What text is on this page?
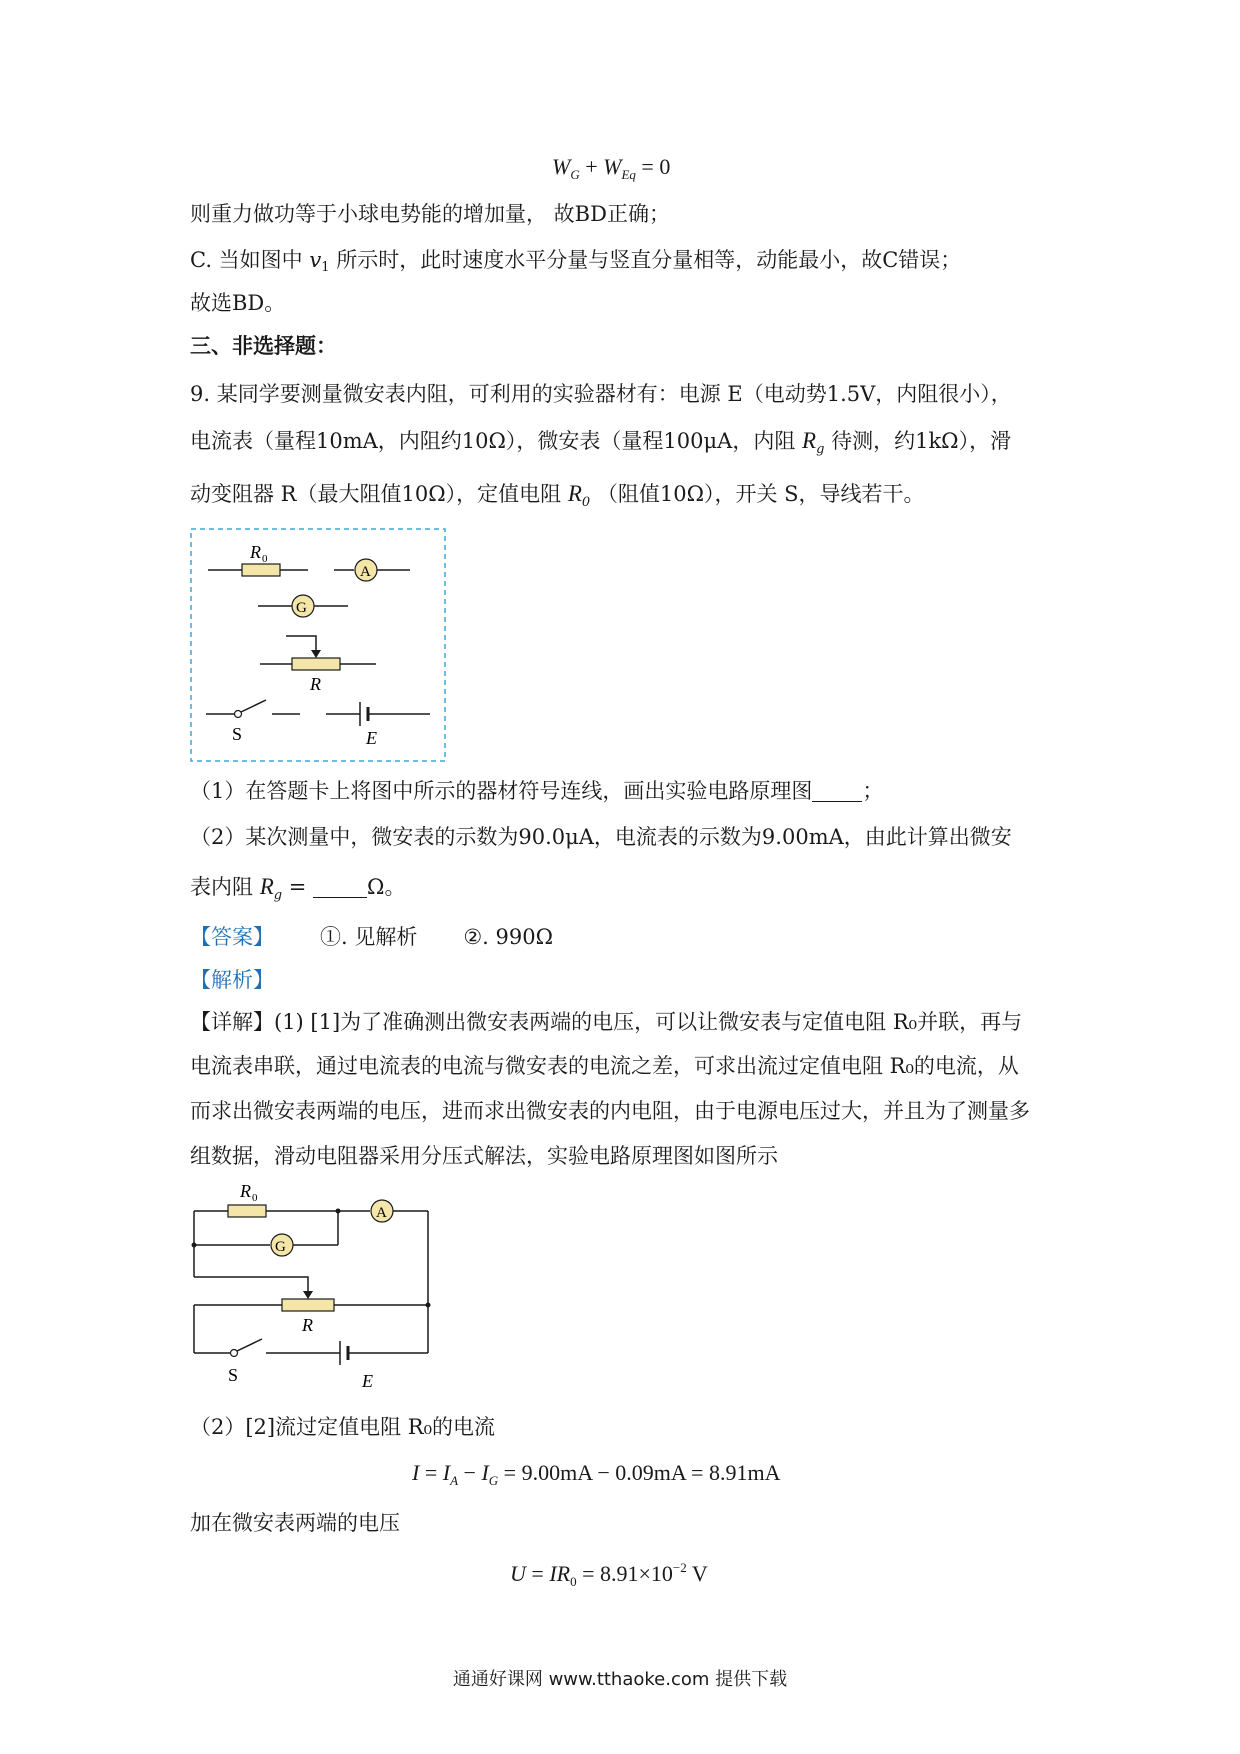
$W_G + W_{Eq} = 0$
则重力做功等于小球电势能的增加量， 故BD正确；
C. 当如图中 v1 所示时，此时速度水平分量与竖直分量相等，动能最小，故C错误；
故选BD。
三、非选择题：
9. 某同学要测量微安表内阻，可利用的实验器材有：电源 E（电动势1.5V，内阻很小），
电流表（量程10mA，内阻约10Ω），微安表（量程100μA，内阻 $R_g$ 待测，约1kΩ），滑
动变阻器 R（最大阻值10Ω），定值电阻 $R_0$ （阻值10Ω），开关 S，导线若干。
R 0
A
G
R
S	E
（1）在答题卡上将图中所示的器材符号连线，画出实验电路原理图 ；
（2）某次测量中，微安表的示数为90.0μA，电流表的示数为9.00mA，由此计算出微安
表内阻 $R_g$ =	Ω。
【答案】 ①. 见解析 ②. 990Ω
【解析】
【详解】(1) [1]为了准确测出微安表两端的电压，可以让微安表与定值电阻 R₀并联，再与
电流表串联，通过电流表的电流与微安表的电流之差，可求出流过定值电阻 R₀的电流，从
而求出微安表两端的电压，进而求出微安表的内电阻，由于电源电压过大，并且为了测量多
组数据，滑动电阻器采用分压式解法，实验电路原理图如图所示
R 0
A
G
R
S	E
（2）[2]流过定值电阻 R₀的电流
$I = I_A - I_G = 9.00mA - 0.09mA = 8.91mA$
加在微安表两端的电压
$U = IR_0 = 8.91\times 10^{-2}$ V
通通好课网 www.tthaoke.com 提供下载
